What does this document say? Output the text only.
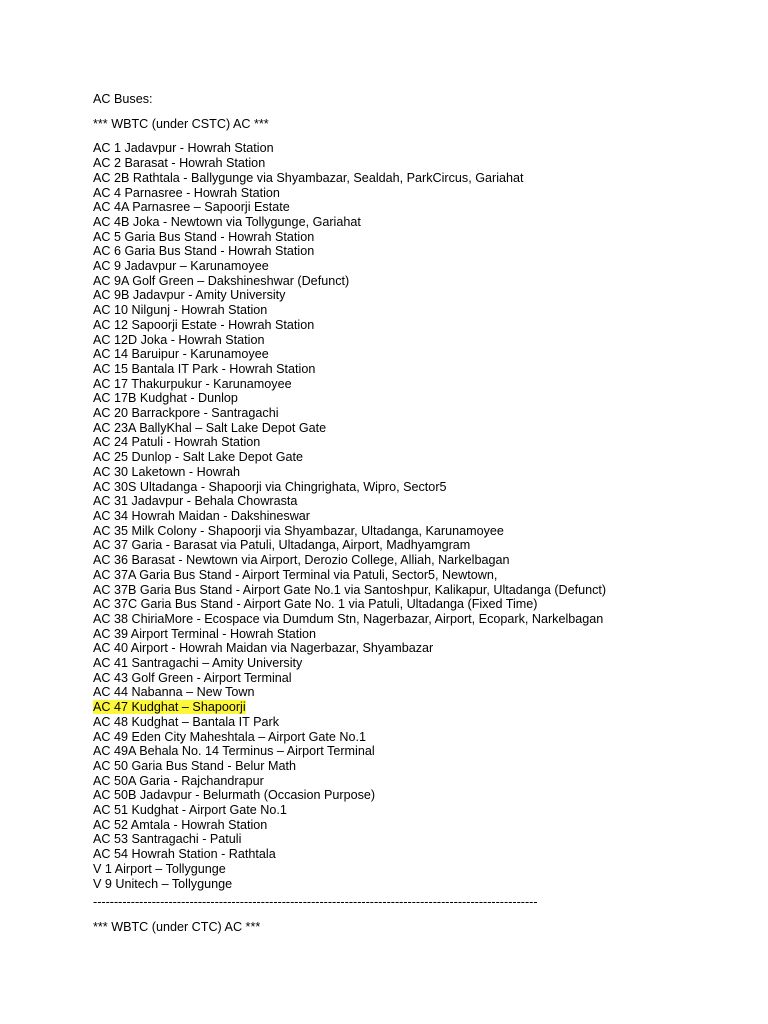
AC Buses:
*** WBTC (under CSTC) AC ***
AC 1 Jadavpur - Howrah Station
AC 2 Barasat - Howrah Station
AC 2B Rathtala - Ballygunge via Shyambazar, Sealdah, ParkCircus, Gariahat
AC 4 Parnasree - Howrah Station
AC 4A Parnasree – Sapoorji Estate
AC 4B Joka - Newtown via Tollygunge, Gariahat
AC 5 Garia Bus Stand - Howrah Station
AC 6 Garia Bus Stand - Howrah Station
AC 9 Jadavpur – Karunamoyee
AC 9A Golf Green – Dakshineshwar (Defunct)
AC 9B Jadavpur - Amity University
AC 10 Nilgunj - Howrah Station
AC 12 Sapoorji Estate - Howrah Station
AC 12D Joka - Howrah Station
AC 14 Baruipur - Karunamoyee
AC 15 Bantala IT Park - Howrah Station
AC 17 Thakurpukur - Karunamoyee
AC 17B Kudghat - Dunlop
AC 20 Barrackpore - Santragachi
AC 23A BallyKhal – Salt Lake Depot Gate
AC 24 Patuli - Howrah Station
AC 25 Dunlop - Salt Lake Depot Gate
AC 30 Laketown - Howrah
AC 30S Ultadanga - Shapoorji via Chingrighata, Wipro, Sector5
AC 31 Jadavpur - Behala Chowrasta
AC 34 Howrah Maidan - Dakshineswar
AC 35 Milk Colony - Shapoorji via Shyambazar, Ultadanga, Karunamoyee
AC 37 Garia - Barasat via Patuli, Ultadanga, Airport, Madhyamgram
AC 36 Barasat - Newtown via Airport, Derozio College, Alliah, Narkelbagan
AC 37A Garia Bus Stand - Airport Terminal via Patuli, Sector5, Newtown,
AC 37B Garia Bus Stand - Airport Gate No.1 via Santoshpur, Kalikapur, Ultadanga (Defunct)
AC 37C Garia Bus Stand - Airport Gate No. 1 via Patuli, Ultadanga (Fixed Time)
AC 38 ChiriaMore - Ecospace via Dumdum Stn, Nagerbazar, Airport, Ecopark, Narkelbagan
AC 39 Airport Terminal - Howrah Station
AC 40 Airport - Howrah Maidan via Nagerbazar, Shyambazar
AC 41 Santragachi – Amity University
AC 43 Golf Green - Airport Terminal
AC 44 Nabanna – New Town
AC 47 Kudghat – Shapoorji
AC 48 Kudghat – Bantala IT Park
AC 49 Eden City Maheshtala – Airport Gate No.1
AC 49A Behala No. 14 Terminus – Airport Terminal
AC 50 Garia Bus Stand - Belur Math
AC 50A Garia - Rajchandrapur
AC 50B Jadavpur - Belurmath (Occasion Purpose)
AC 51 Kudghat - Airport Gate No.1
AC 52 Amtala - Howrah Station
AC 53 Santragachi - Patuli
AC 54 Howrah Station - Rathtala
V 1 Airport – Tollygunge
V 9 Unitech – Tollygunge
----------------------------------------------------------------------------------------------------------
*** WBTC (under CTC) AC ***
